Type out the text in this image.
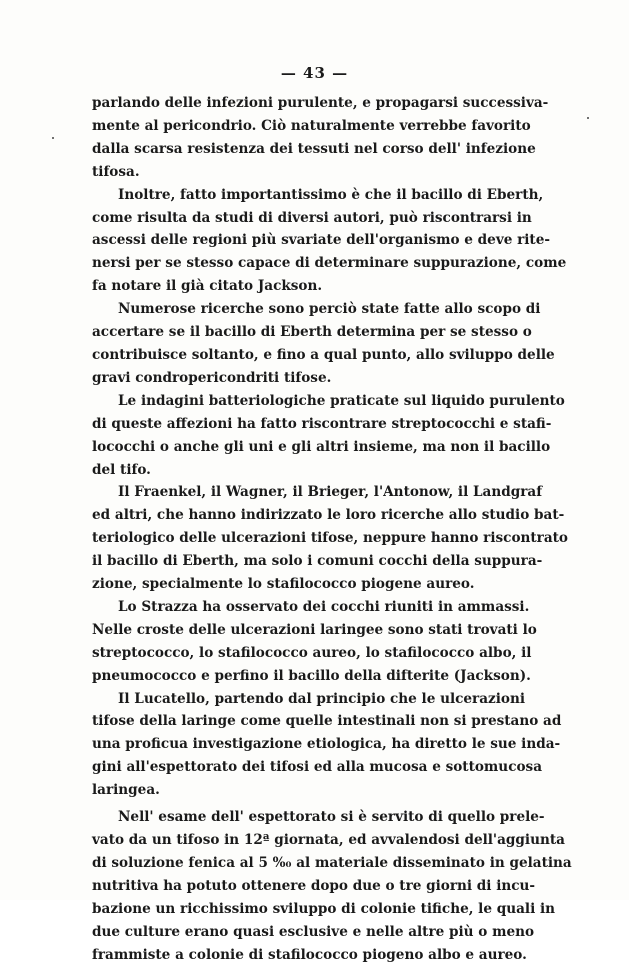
— 43 —

parlando delle infezioni purulente, e propagarsi successiva-
mente al pericondrio. Ciò naturalmente verrebbe favorito
dalla scarsa resistenza dei tessuti nel corso dell' infezione
tifosa.

Inoltre, fatto importantissimo è che il bacillo di Eberth,
come risulta da studi di diversi autori, può riscontrarsi in
ascessi delle regioni più svariate dell'organismo e deve rite-
nersi per se stesso capace di determinare suppurazione, come
fa notare il già citato Jackson.

Numerose ricerche sono perciò state fatte allo scopo di
accertare se il bacillo di Eberth determina per se stesso o
contribuisce soltanto, e fino a qual punto, allo sviluppo delle
gravi condropericondriti tifose.

Le indagini batteriologiche praticate sul liquido purulento
di queste affezioni ha fatto riscontrare streptococchi e stafi-
lococchi o anche gli uni e gli altri insieme, ma non il bacillo
del tifo.

Il Fraenkel, il Wagner, il Brieger, l'Antonow, il Landgraf
ed altri, che hanno indirizzato le loro ricerche allo studio bat-
teriologico delle ulcerazioni tifose, neppure hanno riscontrato
il bacillo di Eberth, ma solo i comuni cocchi della suppura-
zione, specialmente lo stafilococco piogene aureo.

Lo Strazza ha osservato dei cocchi riuniti in ammassi.
Nelle croste delle ulcerazioni laringee sono stati trovati lo
streptococco, lo stafilococco aureo, lo stafilococco albo, il
pneumococco e perfino il bacillo della difterite (Jackson).

Il Lucatello, partendo dal principio che le ulcerazioni
tifose della laringe come quelle intestinali non si prestano ad
una proficua investigazione etiologica, ha diretto le sue inda-
gini all'espettorato dei tifosi ed alla mucosa e sottomucosa
laringea.

Nell' esame dell' espettorato si è servito di quello prele-
vato da un tifoso in 12ª giornata, ed avvalendosi dell'aggiunta
di soluzione fenica al 5 %₀ al materiale disseminato in gelatina
nutritiva ha potuto ottenere dopo due o tre giorni di incu-
bazione un ricchissimo sviluppo di colonie tifiche, le quali in
due culture erano quasi esclusive e nelle altre più o meno
frammiste a colonie di stafilococco piogeno albo e aureo.
